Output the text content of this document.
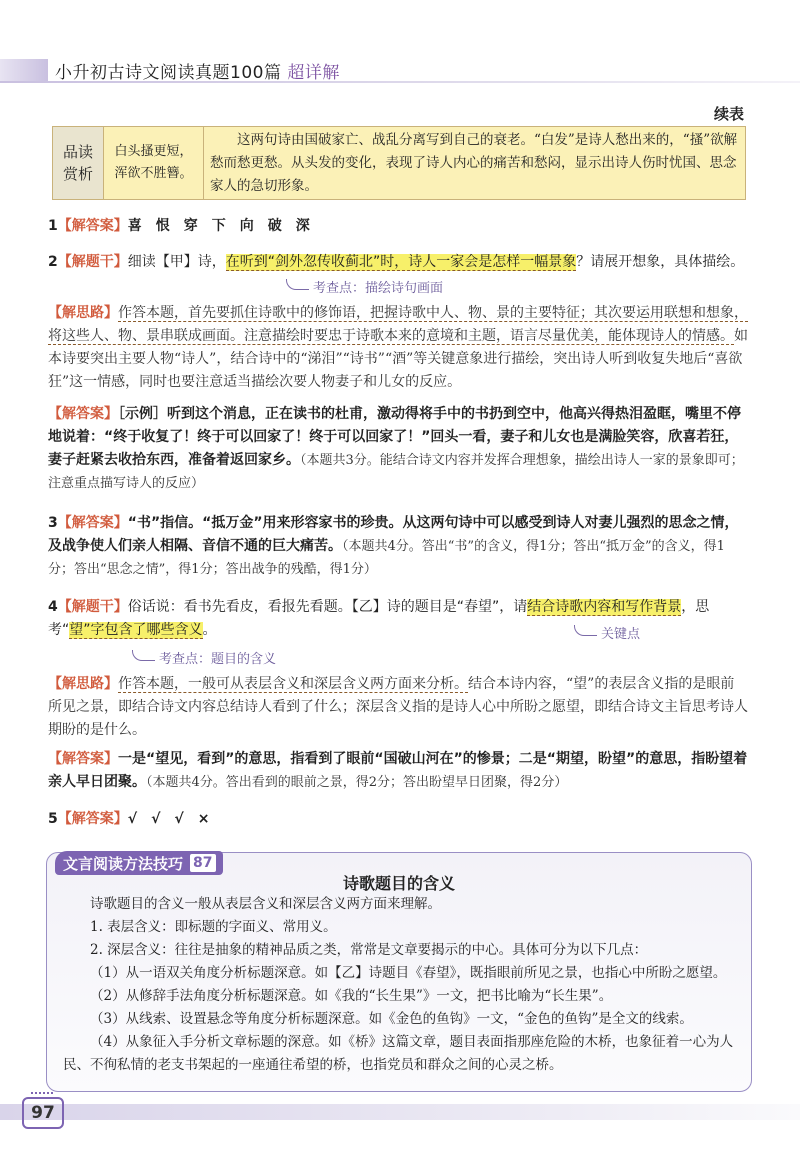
小升初古诗文阅读真题100篇 超详解
续表
品读
赏析
白头搔更短，
浑欲不胜簪。
这两句诗由国破家亡、战乱分离写到自己的衰老。“白发”是诗人愁出来的，“搔”欲解愁而愁更愁。从头发的变化，表现了诗人内心的痛苦和愁闷，显示出诗人伤时忧国、思念家人的急切形象。
1【解答案】喜　恨　穿　下　向　破　深
2【解题干】细读【甲】诗，在听到“剑外忽传收蓟北”时，诗人一家会是怎样一幅景象？请展开想象，具体描绘。
考查点：描绘诗句画面
【解思路】作答本题，首先要抓住诗歌中的修饰语，把握诗歌中人、物、景的主要特征；其次要运用联想和想象，将这些人、物、景串联成画面。注意描绘时要忠于诗歌本来的意境和主题，语言尽量优美，能体现诗人的情感。如本诗要突出主要人物“诗人”，结合诗中的“涕泪”“诗书”“酒”等关键意象进行描绘，突出诗人听到收复失地后“喜欲狂”这一情感，同时也要注意适当描绘次要人物妻子和儿女的反应。
【解答案】［示例］听到这个消息，正在读书的杜甫，激动得将手中的书扔到空中，他高兴得热泪盈眶，嘴里不停地说着：“终于收复了！终于可以回家了！终于可以回家了！”回头一看，妻子和儿女也是满脸笑容，欣喜若狂，妻子赶紧去收拾东西，准备着返回家乡。（本题共3分。能结合诗文内容并发挥合理想象，描绘出诗人一家的景象即可；注意重点描写诗人的反应）
3【解答案】“书”指信。“抵万金”用来形容家书的珍贵。从这两句诗中可以感受到诗人对妻儿强烈的思念之情，及战争使人们亲人相隔、音信不通的巨大痛苦。（本题共4分。答出“书”的含义，得1分；答出“抵万金”的含义，得1分；答出“思念之情”，得1分；答出战争的残酷，得1分）
4【解题干】俗话说：看书先看皮，看报先看题。【乙】诗的题目是“春望”，请结合诗歌内容和写作背景，思考“望”字包含了哪些含义。	关键点
考查点：题目的含义
【解思路】作答本题，一般可从表层含义和深层含义两方面来分析。结合本诗内容，“望”的表层含义指的是眼前所见之景，即结合诗文内容总结诗人看到了什么；深层含义指的是诗人心中所盼之愿望，即结合诗文主旨思考诗人期盼的是什么。
【解答案】一是“望见，看到”的意思，指看到了眼前“国破山河在”的惨景；二是“期望，盼望”的意思，指盼望着亲人早日团聚。（本题共4分。答出看到的眼前之景，得2分；答出盼望早日团聚，得2分）
5【解答案】√　√　√　×
文言阅读方法技巧 87
诗歌题目的含义

诗歌题目的含义一般从表层含义和深层含义两方面来理解。

1. 表层含义：即标题的字面义、常用义。

2. 深层含义：往往是抽象的精神品质之类，常常是文章要揭示的中心。具体可分为以下几点：

（1）从一语双关角度分析标题深意。如【乙】诗题目《春望》，既指眼前所见之景，也指心中所盼之愿望。

（2）从修辞手法角度分析标题深意。如《我的“长生果”》一文，把书比喻为“长生果”。

（3）从线索、设置悬念等角度分析标题深意。如《金色的鱼钩》一文，“金色的鱼钩”是全文的线索。

（4）从象征入手分析文章标题的深意。如《桥》这篇文章，题目表面指那座危险的木桥，也象征着一心为人民、不徇私情的老支书架起的一座通往希望的桥，也指党员和群众之间的心灵之桥。

97
